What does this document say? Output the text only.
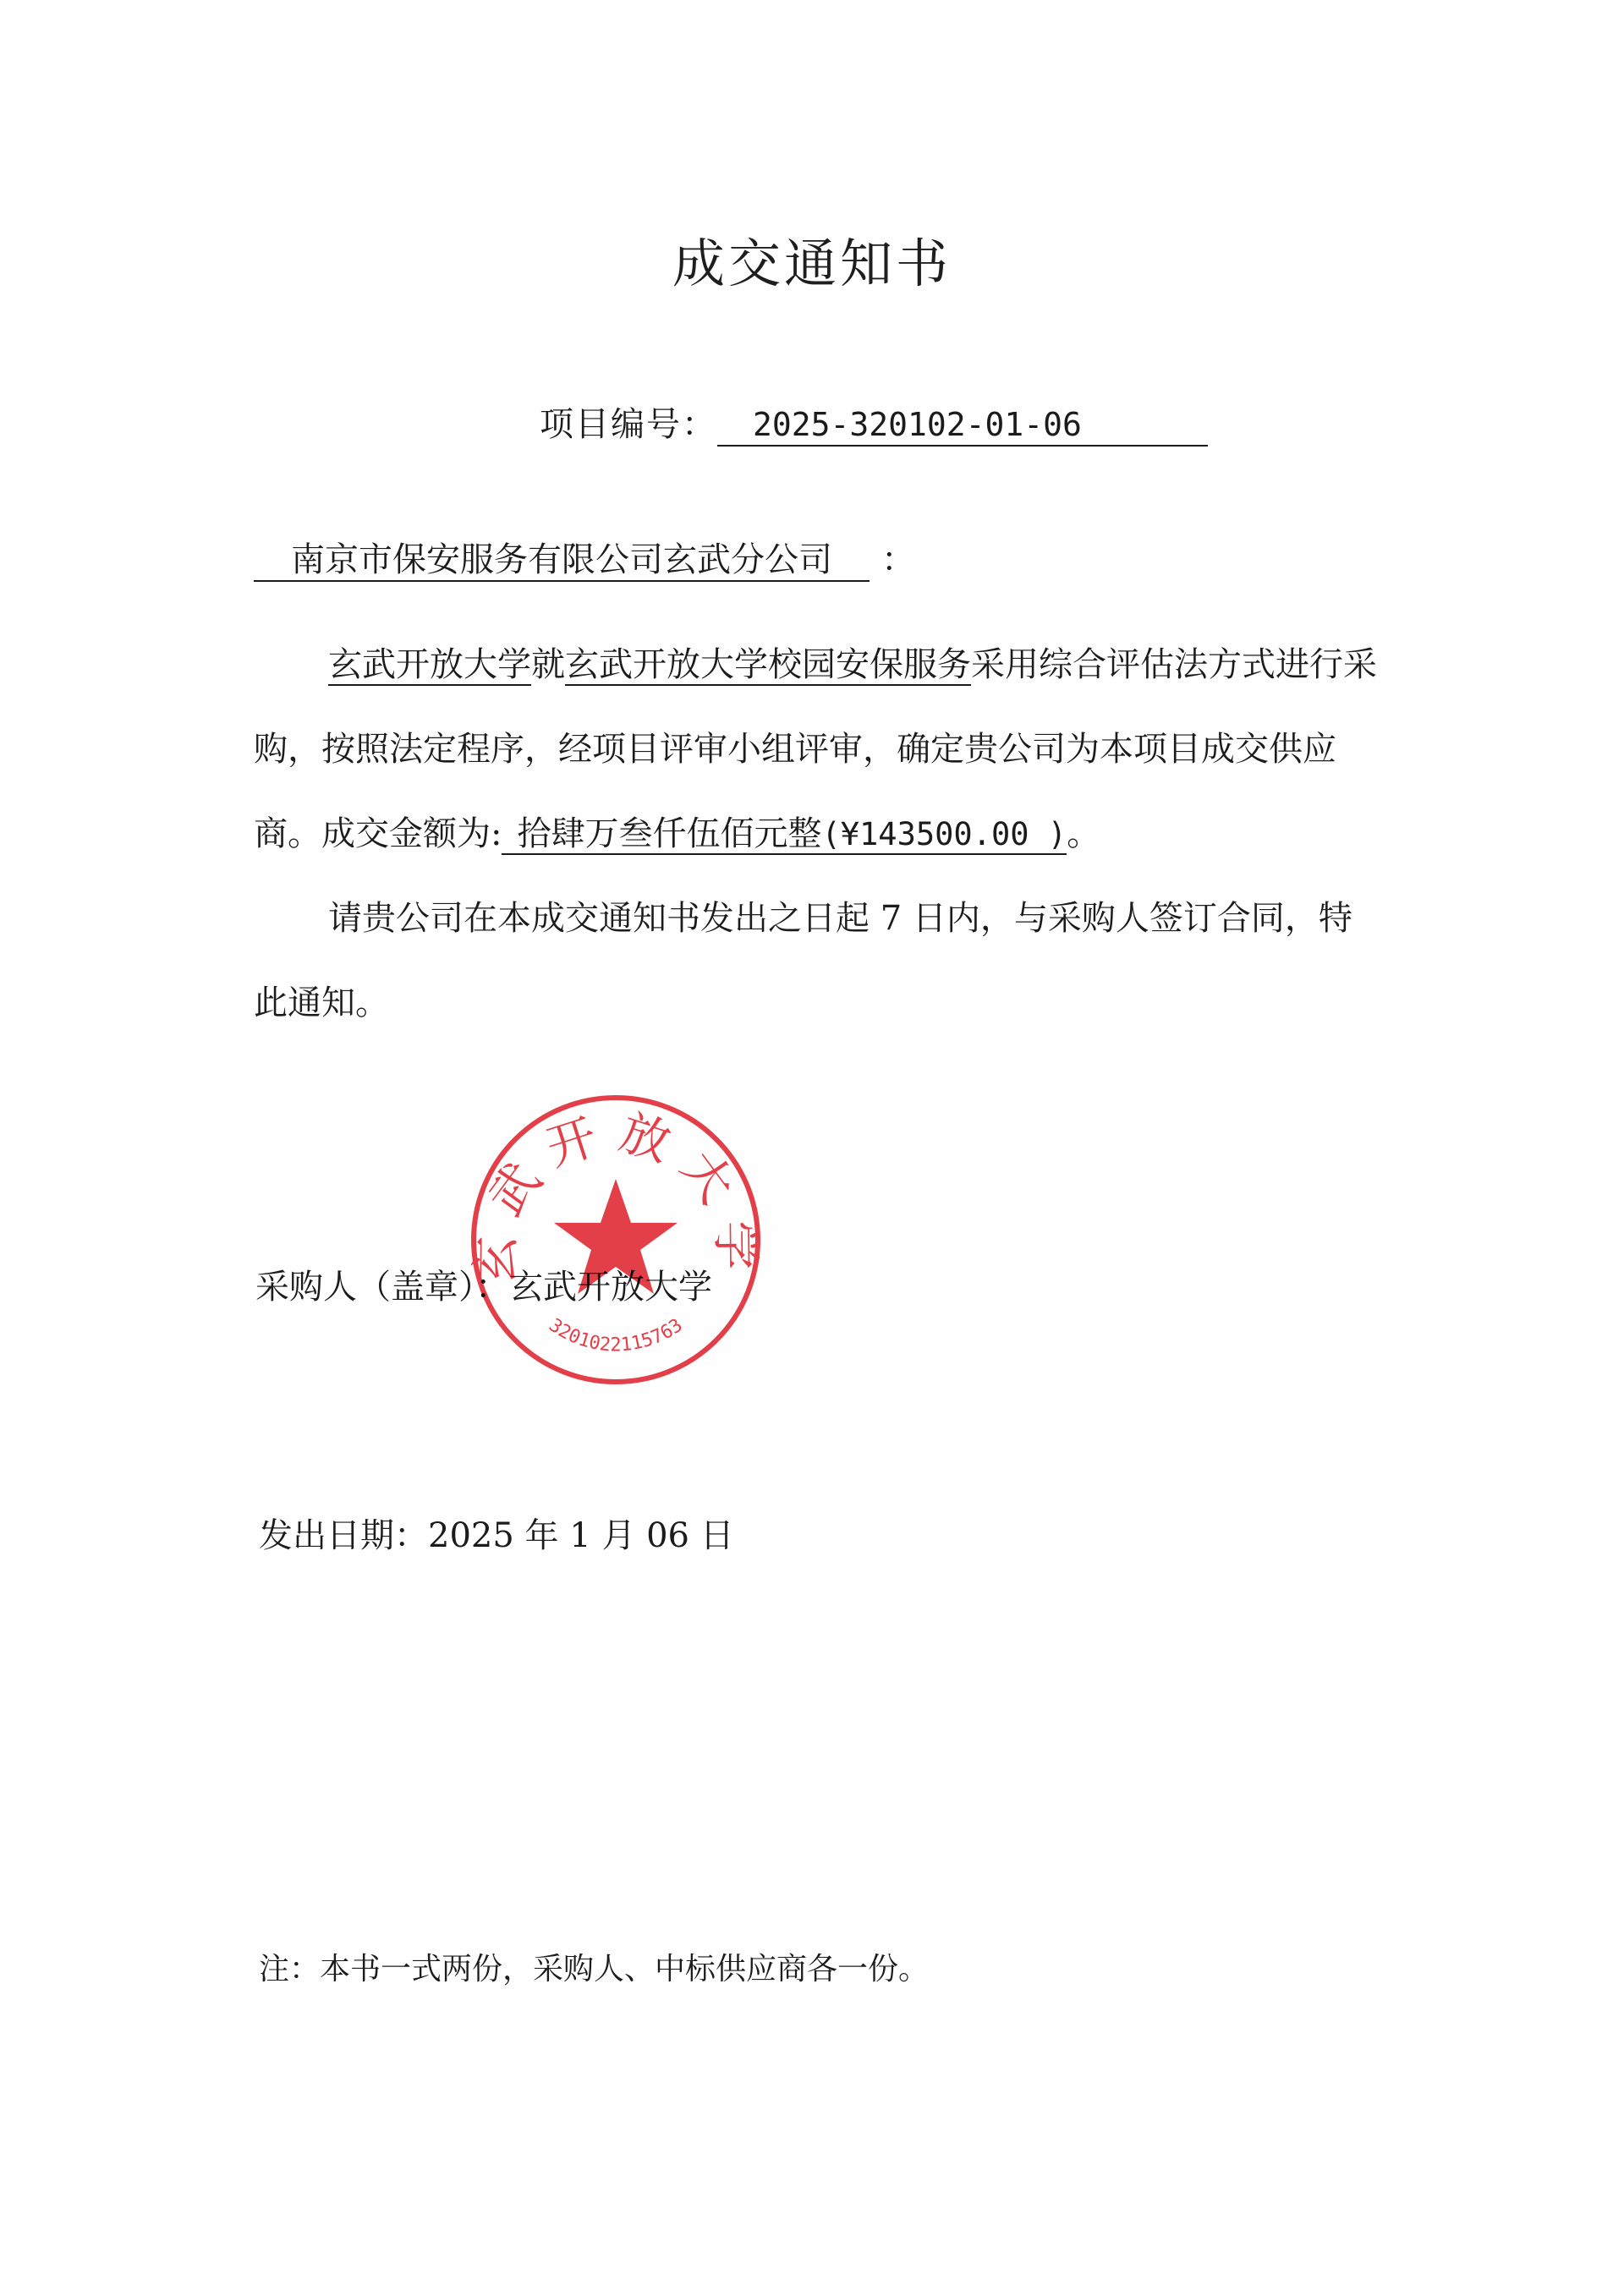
成交通知书
项目编号： 2025-320102-01-06
南京市保安服务有限公司玄武分公司 ：
玄武开放大学就玄武开放大学校园安保服务采用综合评估法方式进行采购，按照法定程序，经项目评审小组评审，确定贵公司为本项目成交供应商。成交金额为: 拾肆万叁仟伍佰元整(¥143500.00 )。
请贵公司在本成交通知书发出之日起 7 日内，与采购人签订合同，特此通知。
采购人（盖章）：玄武开放大学
玄武开放大学
3201022115763
发出日期：2025 年 1 月 06 日
注：本书一式两份，采购人、中标供应商各一份。
